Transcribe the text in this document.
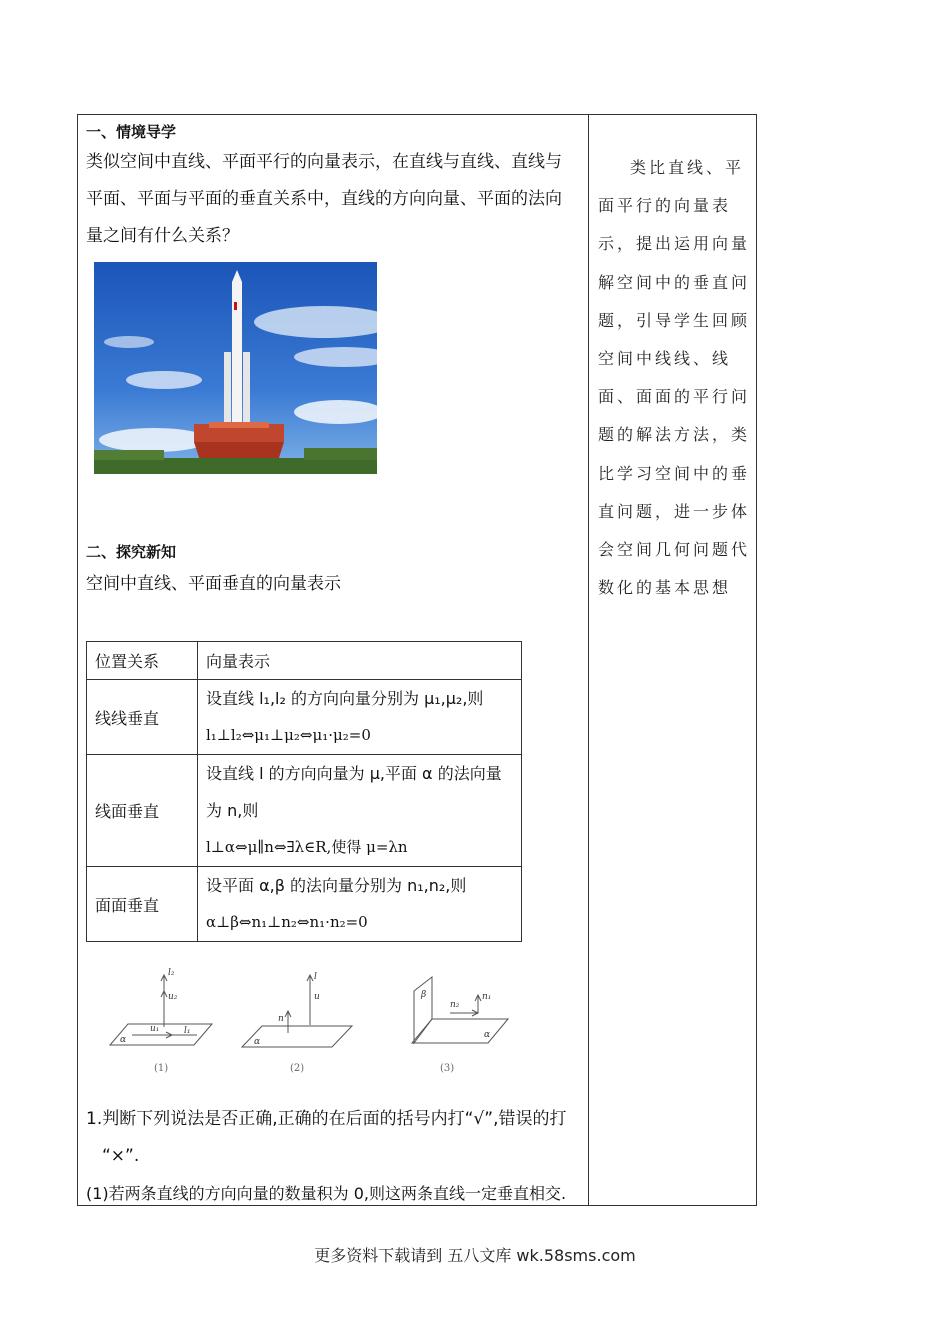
一、情境导学
类似空间中直线、平面平行的向量表示，在直线与直线、直线与平面、平面与平面的垂直关系中，直线的方向向量、平面的法向量之间有什么关系？
二、探究新知
空间中直线、平面垂直的向量表示
位置关系	向量表示
线线垂直	设直线 l₁,l₂ 的方向向量分别为 μ₁,μ₂,则
l₁⊥l₂⇔μ₁⊥μ₂⇔μ₁·μ₂=0

线面垂直	设直线 l 的方向向量为 μ,平面 α 的法向量
为 n,则
l⊥α⇔μ∥n⇔∃λ∈R,使得 μ=λn

面面垂直	设平面 α,β 的法向量分别为 n₁,n₂,则
α⊥β⇔n₁⊥n₂⇔n₁·n₂=0
l₂
u₂
u₁	l₁
α
l
u
n
α
β
n₂
n₁
α
(1)	(2)	(3)
1.判断下列说法是否正确,正确的在后面的括号内打“√”,错误的打
“×”.
(1)若两条直线的方向向量的数量积为 0,则这两条直线一定垂直相交.
类比直线、平
面平行的向量表
示，提出运用向量
解空间中的垂直问
题，引导学生回顾
空间中线线、线
面、面面的平行问
题的解法方法，类
比学习空间中的垂
直问题，进一步体
会空间几何问题代
数化的基本思想
更多资料下载请到 五八文库 wk.58sms.com
